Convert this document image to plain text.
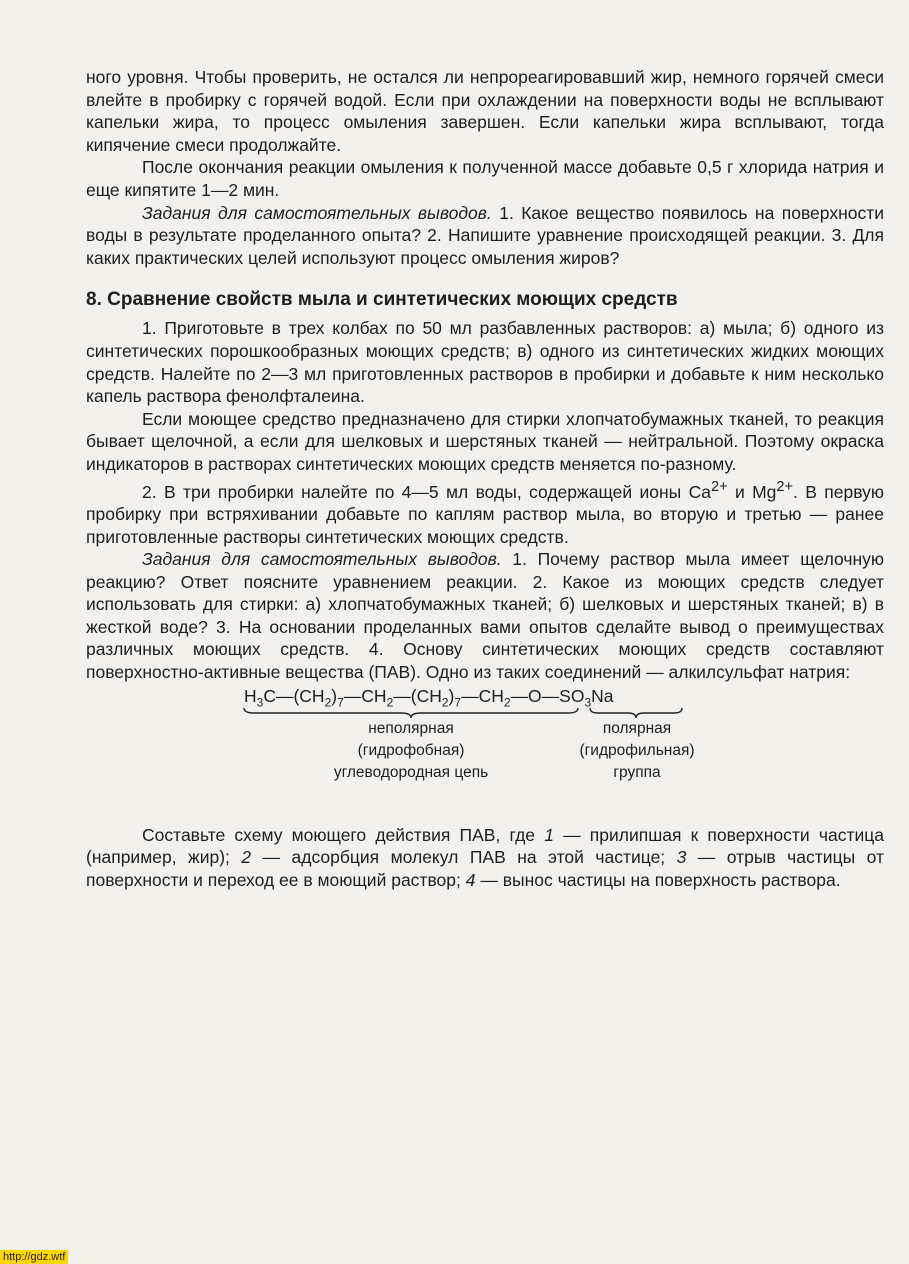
ного уровня. Чтобы проверить, не остался ли непрореагировавший жир, немного горячей смеси влейте в пробирку с горячей водой. Если при охлаждении на поверхности воды не всплывают капельки жира, то процесс омыления завершен. Если капельки жира всплывают, тогда кипячение смеси продолжайте.

После окончания реакции омыления к полученной массе добавьте 0,5 г хлорида натрия и еще кипятите 1—2 мин.

Задания для самостоятельных выводов. 1. Какое вещество появилось на поверхности воды в результате проделанного опыта? 2. Напишите уравнение происходящей реакции. 3. Для каких практических целей используют процесс омыления жиров?

8. Сравнение свойств мыла и синтетических моющих средств

1. Приготовьте в трех колбах по 50 мл разбавленных растворов: а) мыла; б) одного из синтетических порошкообразных моющих средств; в) одного из синтетических жидких моющих средств. Налейте по 2—3 мл приготовленных растворов в пробирки и добавьте к ним несколько капель раствора фенолфталеина.

Если моющее средство предназначено для стирки хлопчатобумажных тканей, то реакция бывает щелочной, а если для шелковых и шерстяных тканей — нейтральной. Поэтому окраска индикаторов в растворах синтетических моющих средств меняется по-разному.

2. В три пробирки налейте по 4—5 мл воды, содержащей ионы $Ca^{2+}$ и $Mg^{2+}$. В первую пробирку при встряхивании добавьте по каплям раствор мыла, во вторую и третью — ранее приготовленные растворы синтетических моющих средств.

Задания для самостоятельных выводов. 1. Почему раствор мыла имеет щелочную реакцию? Ответ поясните уравнением реакции. 2. Какое из моющих средств следует использовать для стирки: а) хлопчатобумажных тканей; б) шелковых и шерстяных тканей; в) в жесткой воде? 3. На основании проделанных вами опытов сделайте вывод о преимуществах различных моющих средств. 4. Основу синтетических моющих средств составляют поверхностно-активные вещества (ПАВ). Одно из таких соединений — алкилсульфат натрия:

$H_3C—(CH_2)_7—CH_2—(CH_2)_7—CH_2—O—SO_3Na$
неполярная
(гидрофобная)
углеводородная цепь
полярная
(гидрофильная)
группа

Составьте схему моющего действия ПАВ, где 1 — прилипшая к поверхности частица (например, жир); 2 — адсорбция молекул ПАВ на этой частице; 3 — отрыв частицы от поверхности и переход ее в моющий раствор; 4 — вынос частицы на поверхность раствора.

http://gdz.wtf
